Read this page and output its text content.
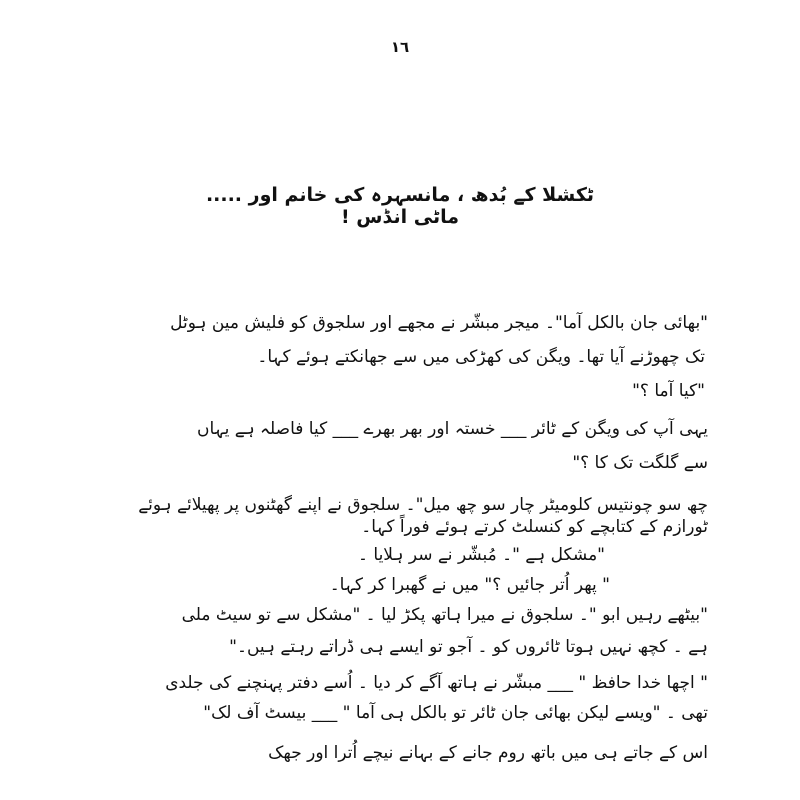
١٦
ٹکشلا کے بُدھ ، مانسہرہ کی خانم اور ..... ماٹی انڈس !
"بھائی جان بالکل آما"۔ میجر مبشّر نے مجھے اور سلجوق کو فلیش مین ہوٹل
تک چھوڑنے آیا تھا۔ ویگن کی کھڑکی میں سے جھانکتے ہوئے کہا۔
"کیا آما ؟"
یہی آپ کی ویگن کے ٹائر ___ خستہ اور بھر بھرے ___ کیا فاصلہ ہے یہاں
سے گلگت تک کا ؟"
چھ سو چونتیس کلومیٹر چار سو چھ میل"۔ سلجوق نے اپنے گھٹنوں پر پھیلائے ہوئے
ٹورازم کے کتابچے کو کنسلٹ کرتے ہوئے فوراً کہا۔
"مشکل ہے "۔ مُبشّر نے سر ہلایا ۔
" پھر اُتر جائیں ؟" میں نے گھبرا کر کہا۔
"بیٹھے رہیں ابو "۔ سلجوق نے میرا ہاتھ پکڑ لیا ۔ "مشکل سے تو سیٹ ملی
ہے ۔ کچھ نہیں ہوتا ٹائروں کو ۔ آجو تو ایسے ہی ڈراتے رہتے ہیں۔"
" اچھا خدا حافظ " ___ مبشّر نے ہاتھ آگے کر دیا ۔ اُسے دفتر پہنچنے کی جلدی
تھی ۔ "ویسے لیکن بھائی جان ٹائر تو بالکل ہی آما " ___ بیسٹ آف لک"
اس کے جاتے ہی میں باتھ روم جانے کے بہانے نیچے اُترا اور جھک
